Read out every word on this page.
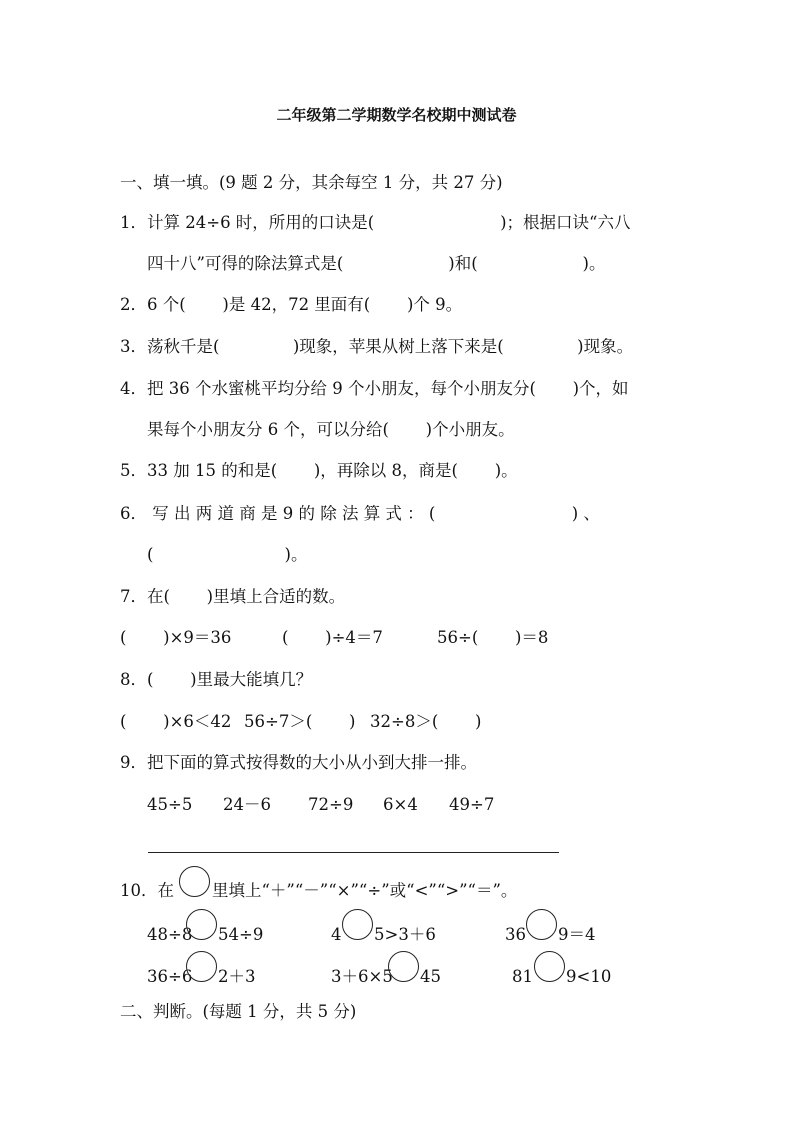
二年级第二学期数学名校期中测试卷
一、填一填。(9 题 2 分，其余每空 1 分，共 27 分)
1．计算 24÷6 时，所用的口诀是(                        )；根据口诀“六八
四十八”可得的除法算式是(                    )和(                    )。
2．6 个(       )是 42，72 里面有(       )个 9。
3．荡秋千是(              )现象，苹果从树上落下来是(              )现象。
4．把 36 个水蜜桃平均分给 9 个小朋友，每个小朋友分(       )个，如
果每个小朋友分 6 个，可以分给(       )个小朋友。
5．33 加 15 的和是(       )，再除以 8，商是(       )。
6． 写 出 两 道 商 是 9 的 除 法 算 式 ： (                          ) 、
(                         )。
7．在(       )里填上合适的数。
(       )×9＝36	(       )÷4＝7	56÷(       )＝8
8．(       )里最大能填几？
(       )×6＜42 56÷7＞(       ) 32÷8＞(       )
9．把下面的算式按得数的大小从小到大排一排。
45÷5 24－6 72÷9 6×4 49÷7
10．在 里填上“＋”“－”“×”“÷”或“<”“>”“＝”。
48÷8 54÷9	4 5>3＋6	36 9＝4
36÷6 2＋3	3＋6×5 45	81 9<10
二、判断。(每题 1 分，共 5 分)
